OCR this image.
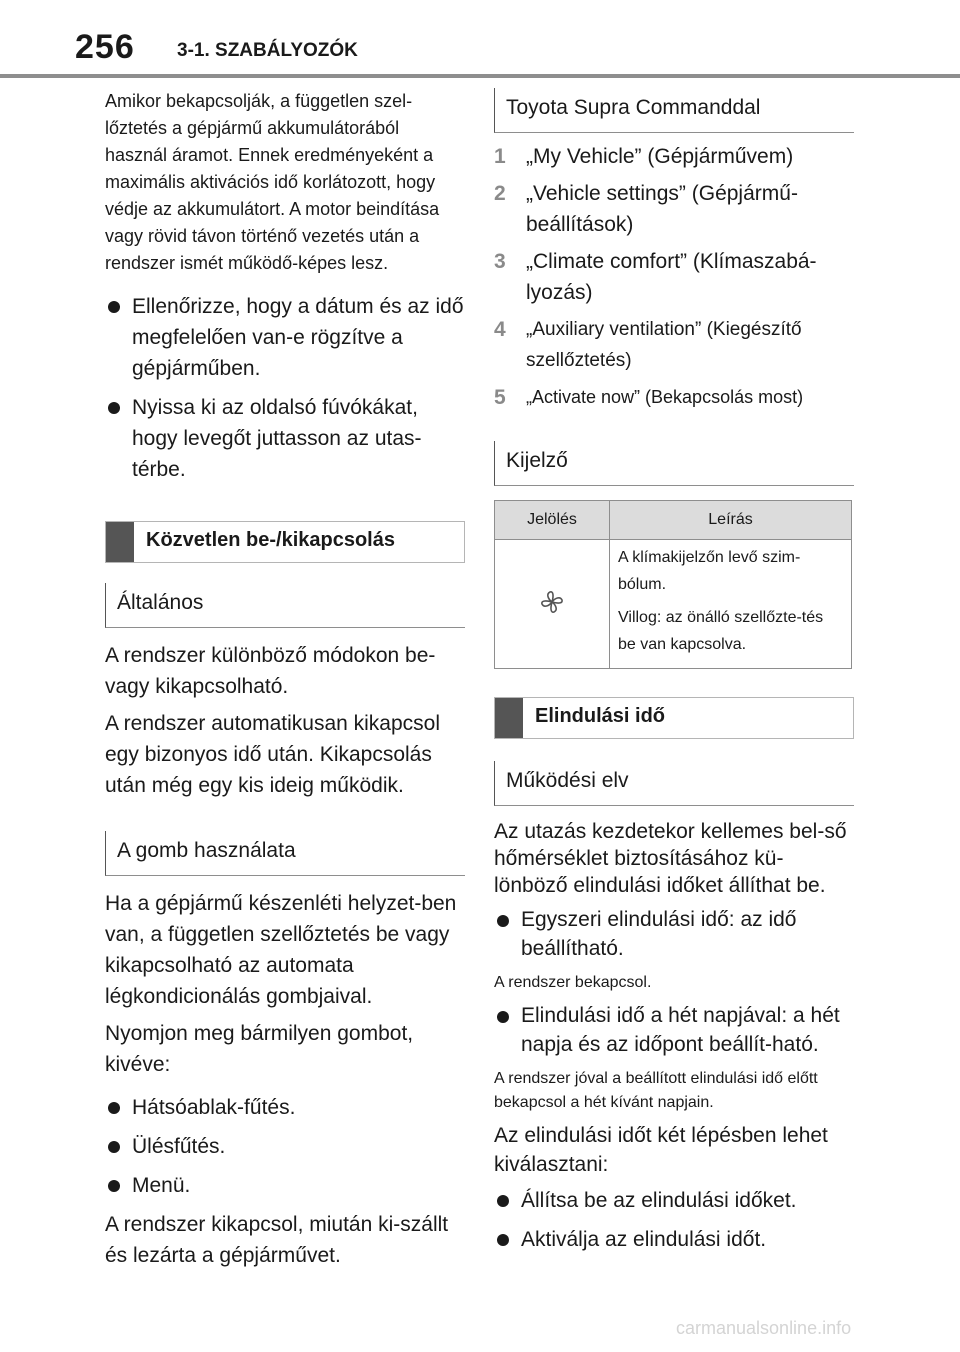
256 3-1. SZABÁLYOZÓK

Amikor bekapcsolják, a független szel-lőztetés a gépjármű akkumulátorából használ áramot. Ennek eredményeként a maximális aktivációs idő korlátozott, hogy védje az akkumulátort. A motor beindítása vagy rövid távon történő vezetés után a rendszer ismét működő-képes lesz.

Ellenőrizze, hogy a dátum és az idő megfelelően van-e rögzítve a gépjárműben.
Nyissa ki az oldalsó fúvókákat, hogy levegőt juttasson az utas-térbe.
Közvetlen be-/kikapcsolás
Általános

A rendszer különböző módokon be- vagy kikapcsolható.

A rendszer automatikusan kikapcsol egy bizonyos idő után. Kikapcsolás után még egy kis ideig működik.

A gomb használata

Ha a gépjármű készenléti helyzet-ben van, a független szellőztetés be vagy kikapcsolható az automata légkondicionálás gombjaival.

Nyomjon meg bármilyen gombot, kivéve:

Hátsóablak-fűtés.
Ülésfűtés.
Menü.

A rendszer kikapcsol, miután ki-szállt és lezárta a gépjárművet.

Toyota Supra Commanddal
1 „My Vehicle” (Gépjárművem)
2 „Vehicle settings” (Gépjármű-beállítások)
3 „Climate comfort” (Klímaszabá-lyozás)
4 „Auxiliary ventilation” (Kiegészítő szellőztetés)
5 „Activate now” (Bekapcsolás most)
Kijelző
Jelölés	Leírás

A klímakijelzőn levő szim-bólum.
Villog: az önálló szellőzte-tés be van kapcsolva.
Elindulási idő
Működési elv

Az utazás kezdetekor kellemes bel-ső hőmérséklet biztosításához kü-lönböző elindulási időket állíthat be.

Egyszeri elindulási idő: az idő beállítható.

A rendszer bekapcsol.

Elindulási idő a hét napjával: a hét napja és az időpont beállít-ható.

A rendszer jóval a beállított elindulási idő előtt bekapcsol a hét kívánt napjain.

Az elindulási időt két lépésben lehet kiválasztani:

Állítsa be az elindulási időket.
Aktiválja az elindulási időt.
carmanualsonline.info
